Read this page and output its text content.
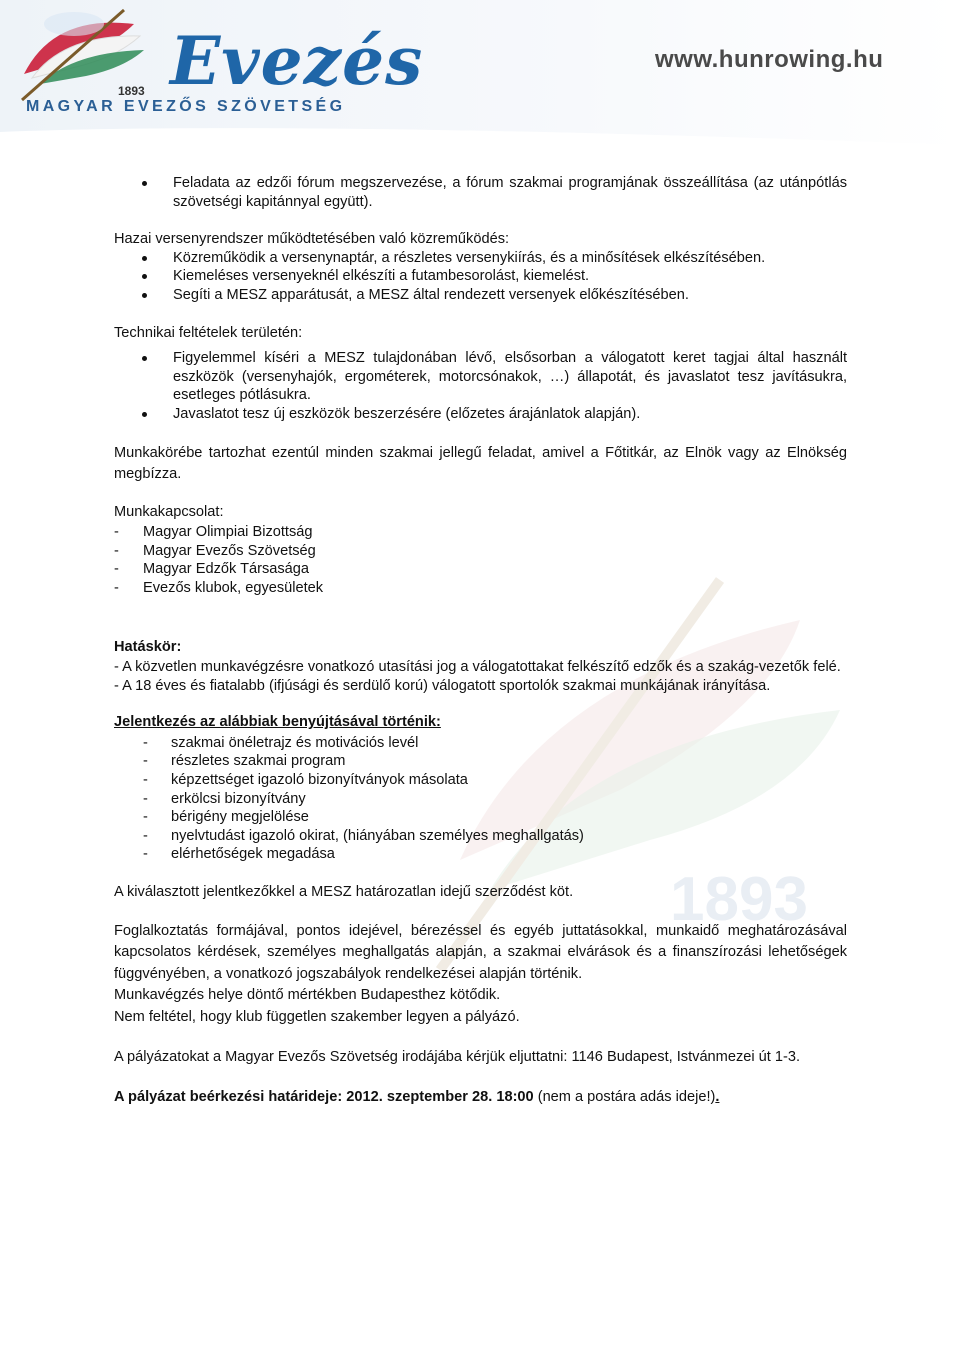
Evezés
1893
MAGYAR EVEZŐS SZÖVETSÉG
www.hunrowing.hu
1893
Feladata az edzői fórum megszervezése, a fórum szakmai programjának összeállítása (az utánpótlás szövetségi kapitánnyal együtt).

Hazai versenyrendszer működtetésében való közreműködés:

Közreműködik a versenynaptár, a részletes versenykiírás, és a minősítések elkészítésében.
Kiemeléses versenyeknél elkészíti a futambesorolást, kiemelést.
Segíti a MESZ apparátusát, a MESZ által rendezett versenyek előkészítésében.

Technikai feltételek területén:

Figyelemmel kíséri a MESZ tulajdonában lévő, elsősorban a válogatott keret tagjai által használt eszközök (versenyhajók, ergométerek, motorcsónakok, …) állapotát, és javaslatot tesz javításukra, esetleges pótlásukra.
Javaslatot tesz új eszközök beszerzésére (előzetes árajánlatok alapján).

Munkakörébe tartozhat ezentúl minden szakmai jellegű feladat, amivel a Főtitkár, az Elnök vagy az Elnökség megbízza.

Munkakapcsolat:

- Magyar Olimpiai Bizottság
- Magyar Evezős Szövetség
- Magyar Edzők Társasága
- Evezős klubok, egyesületek

Hatáskör:

- A közvetlen munkavégzésre vonatkozó utasítási jog a válogatottakat felkészítő edzők és a szakág-vezetők felé.

- A 18 éves és fiatalabb (ifjúsági és serdülő korú) válogatott sportolók szakmai munkájának irányítása.

Jelentkezés az alábbiak benyújtásával történik:

- szakmai önéletrajz és motivációs levél
- részletes szakmai program
- képzettséget igazoló bizonyítványok másolata
- erkölcsi bizonyítvány
- bérigény megjelölése
- nyelvtudást igazoló okirat, (hiányában személyes meghallgatás)
- elérhetőségek megadása

A kiválasztott jelentkezőkkel a MESZ határozatlan idejű szerződést köt.

Foglalkoztatás formájával, pontos idejével, bérezéssel és egyéb juttatásokkal, munkaidő meghatározásával kapcsolatos kérdések, személyes meghallgatás alapján, a szakmai elvárások és a finanszírozási lehetőségek függvényében, a vonatkozó jogszabályok rendelkezései alapján történik.

Munkavégzés helye döntő mértékben Budapesthez kötődik.

Nem feltétel, hogy klub független szakember legyen a pályázó.

A pályázatokat a Magyar Evezős Szövetség irodájába kérjük eljuttatni: 1146 Budapest, Istvánmezei út 1-3.

A pályázat beérkezési határideje: 2012. szeptember 28. 18:00 (nem a postára adás ideje!).
